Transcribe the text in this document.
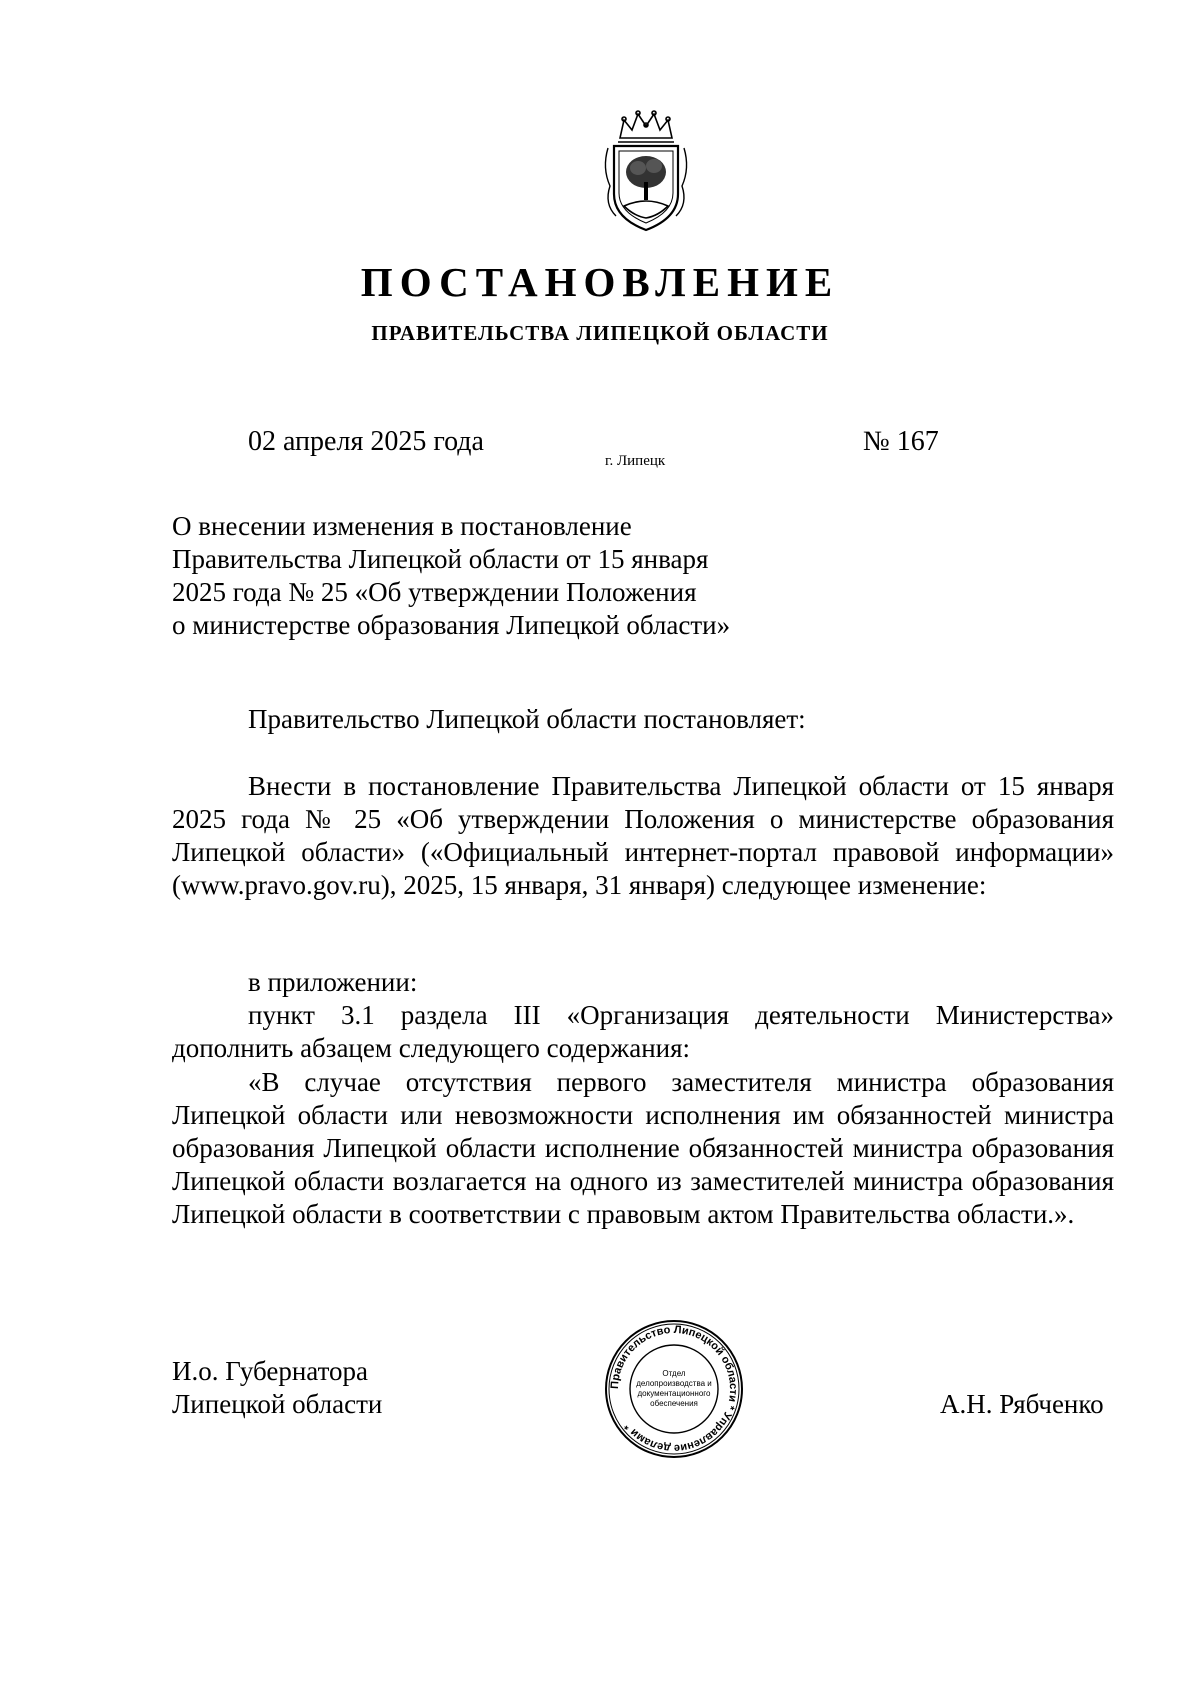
ПОСТАНОВЛЕНИЕ
ПРАВИТЕЛЬСТВА ЛИПЕЦКОЙ ОБЛАСТИ
02 апреля 2025 года
г. Липецк
№ 167
О внесении изменения в постановление
Правительства Липецкой области от 15 января
2025 года № 25 «Об утверждении Положения
о министерстве образования Липецкой области»
Правительство Липецкой области постановляет:
Внести в постановление Правительства Липецкой области от 15 января 2025 года № 25 «Об утверждении Положения о министерстве образования Липецкой области» («Официальный интернет-портал правовой информации» (www.pravo.gov.ru), 2025, 15 января, 31 января) следующее изменение:
в приложении:
пункт 3.1 раздела III «Организация деятельности Министерства» дополнить абзацем следующего содержания:
«В случае отсутствия первого заместителя министра образования Липецкой области или невозможности исполнения им обязанностей министра образования Липецкой области исполнение обязанностей министра образования Липецкой области возлагается на одного из заместителей министра образования Липецкой области в соответствии с правовым актом Правительства области.».
И.о. Губернатора
Липецкой области	А.Н. Рябченко
Правительство Липецкой области * Управление делами *
Отдел
делопроизводства и
документационного
обеспечения
